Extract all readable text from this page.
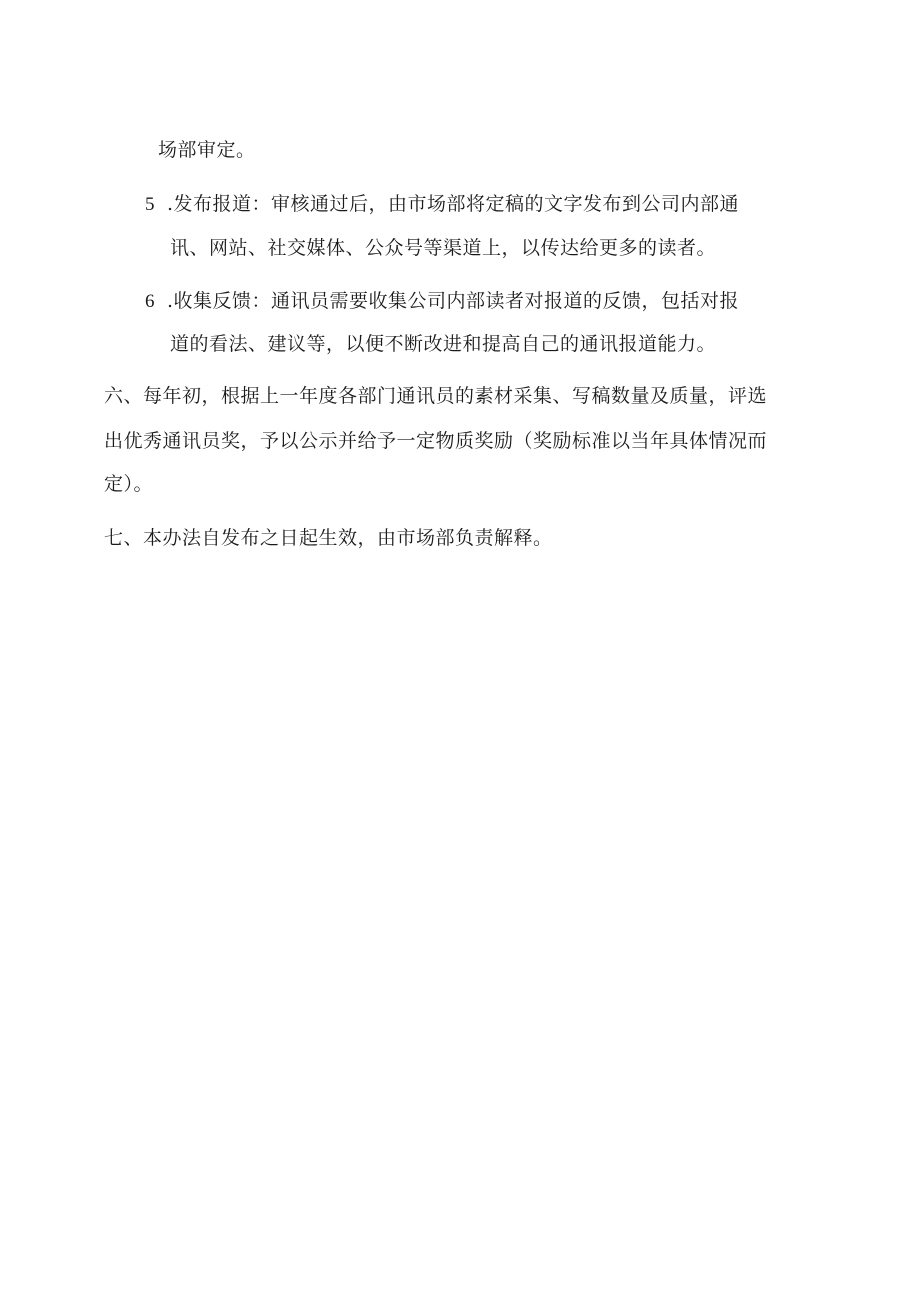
场部审定。
5 .发布报道：审核通过后，由市场部将定稿的文字发布到公司内部通
讯、网站、社交媒体、公众号等渠道上，以传达给更多的读者。
6 .收集反馈：通讯员需要收集公司内部读者对报道的反馈，包括对报
道的看法、建议等，以便不断改进和提高自己的通讯报道能力。
六、每年初，根据上一年度各部门通讯员的素材采集、写稿数量及质量，评选
出优秀通讯员奖，予以公示并给予一定物质奖励（奖励标准以当年具体情况而
定）。
七、本办法自发布之日起生效，由市场部负责解释。
